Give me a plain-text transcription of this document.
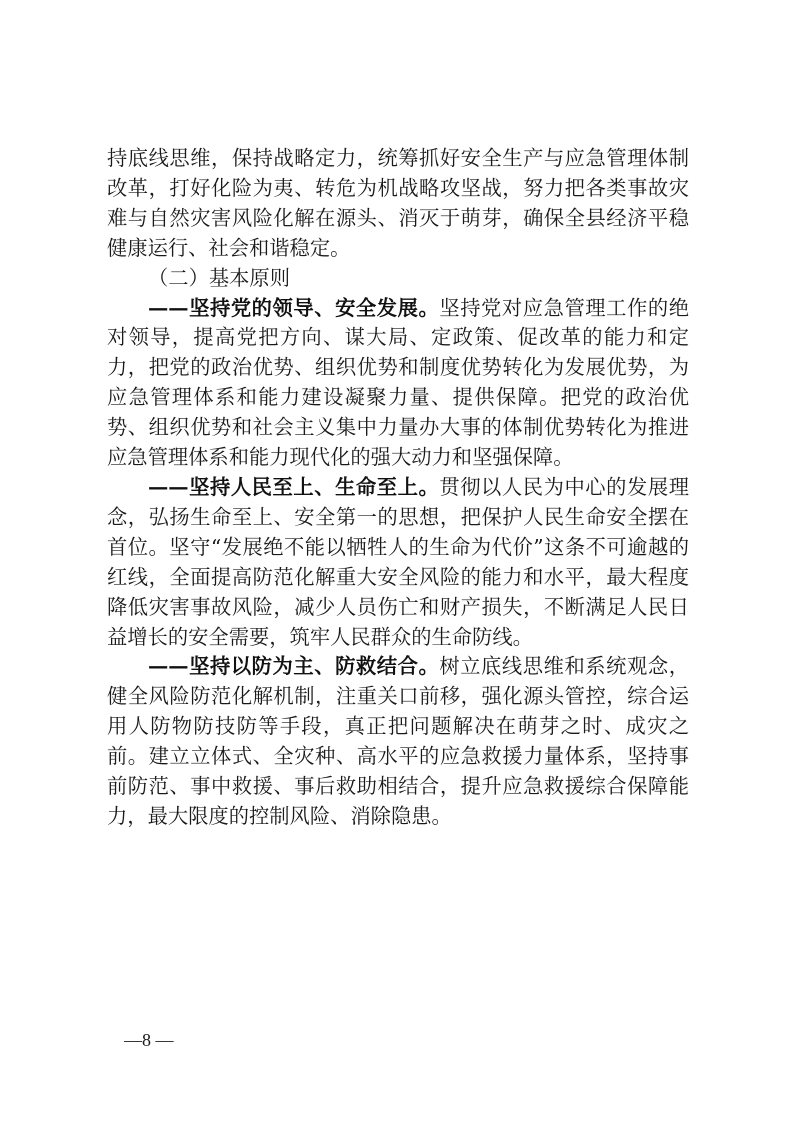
持底线思维，保持战略定力，统筹抓好安全生产与应急管理体制改革，打好化险为夷、转危为机战略攻坚战，努力把各类事故灾难与自然灾害风险化解在源头、消灭于萌芽，确保全县经济平稳健康运行、社会和谐稳定。

（二）基本原则

——坚持党的领导、安全发展。坚持党对应急管理工作的绝对领导，提高党把方向、谋大局、定政策、促改革的能力和定力，把党的政治优势、组织优势和制度优势转化为发展优势，为应急管理体系和能力建设凝聚力量、提供保障。把党的政治优势、组织优势和社会主义集中力量办大事的体制优势转化为推进应急管理体系和能力现代化的强大动力和坚强保障。

——坚持人民至上、生命至上。贯彻以人民为中心的发展理念，弘扬生命至上、安全第一的思想，把保护人民生命安全摆在首位。坚守“发展绝不能以牺牲人的生命为代价”这条不可逾越的红线，全面提高防范化解重大安全风险的能力和水平，最大程度降低灾害事故风险，减少人员伤亡和财产损失，不断满足人民日益增长的安全需要，筑牢人民群众的生命防线。

——坚持以防为主、防救结合。树立底线思维和系统观念，健全风险防范化解机制，注重关口前移，强化源头管控，综合运用人防物防技防等手段，真正把问题解决在萌芽之时、成灾之前。建立立体式、全灾种、高水平的应急救援力量体系，坚持事前防范、事中救援、事后救助相结合，提升应急救援综合保障能力，最大限度的控制风险、消除隐患。

—8 —
